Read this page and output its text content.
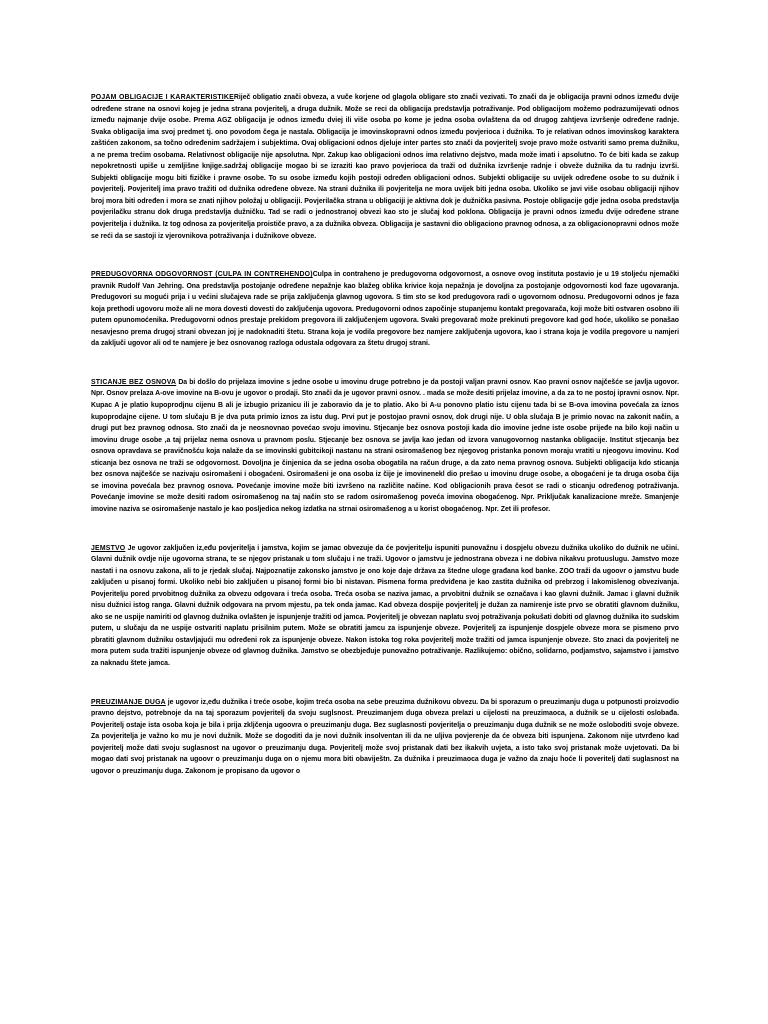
POJAM OBLIGACIJE I KARAKTERISTIKERiječ obligatio znači obveza, a vuče korjene od glagola obligare sto znači vezivati. To znači da je obligacija pravni odnos između dvije određene strane na osnovi kojeg je jedna strana povjeritelj, a druga dužnik. Može se reci da obligacija predstavlja potraživanje. Pod obligacijom možemo podrazumijevati odnos između najmanje dvije osobe. Prema AGZ obligacija je odnos između dviej ili više osoba po kome je jedna osoba ovlaštena da od drugog zahtjeva izvršenje određene radnje. Svaka obligacija ima svoj predmet tj. ono povodom čega je nastala. Obligacija je imovinskopravni odnos između povjerioca i dužnika. To je relativan odnos imovinskog karaktera zaštićen zakonom, sa točno određenim sadržajem i subjektima. Ovaj obligacioni odnos djeluje inter partes sto znači da povjeritelj svoje pravo može ostvariti samo prema dužniku, a ne prema trećim osobama. Relativnost obligacije nije apsolutna. Npr. Zakup kao obligacioni odnos ima relativno dejstvo, mada može imati i apsolutno. To će biti kada se zakup nepokretnosti upiše u zemljišne knjige.sadržaj obligacije mogao bi se izraziti kao pravo povjerioca da traži od dužnika izvršenje radnje i obveže dužnika da tu radnju izvrši. Subjekti obligacije mogu biti fizičke i pravne osobe. To su osobe između kojih postoji određen obligacioni odnos. Subjekti obligacije su uvijek određene osobe to su dužnik i povjeritelj. Povjeritelj ima pravo tražiti od dužnika određene obveze. Na strani dužnika ili povjeritelja ne mora uvijek biti jedna osoba. Ukoliko se javi više osobau obligaciji njihov broj mora biti određen i mora se znati njihov položaj u obligaciji. Povjerilačka strana u obligaciji je aktivna dok je dužnička pasivna. Postoje obligacije gdje jedna osoba predstavlja povjerilačku stranu dok druga predstavlja dužničku. Tad se radi o jednostranoj obvezi kao sto je slučaj kod poklona. Obligacija je pravni odnos između dvije određene strane povjeritelja i dužnika. Iz tog odnosa za povjeritelja proističe pravo, a za dužnika obveza. Obligacija je sastavni dio obligaciono pravnog odnosa, a za obligacionopravni odnos može se reći da se sastoji iz vjerovnikova potraživanja i dužnikove obveze.

PREDUGOVORNA ODGOVORNOST (CULPA IN CONTREHENDO)Culpa in contraheno je predugovorna odgovornost, a osnove ovog instituta postavio je u 19 stoljeću njemački pravnik Rudolf Van Jehring. Ona predstavlja postojanje određene nepažnje kao blažeg oblika krivice koja nepažnja je dovoljna za postojanje odgovornosti kod faze ugovaranja. Predugovori su mogući prija i u većini slučajeva rade se prija zaključenja glavnog ugovora. S tim sto se kod predugovora radi o ugovornom odnosu. Predugovorni odnos je faza koja prethodi ugovoru može ali ne mora dovesti dovesti do zaključenja ugovora. Predugovorni odnos započinje stupanjemu kontakt pregovarača, koji može biti ostvaren osobno ili putem opunomoćenika. Predugovorni odnos prestaje prekidom pregovora ili zaključenjem ugovora. Svaki pregovarač može prekinuti pregovore kad god hoće, ukoliko se ponašao nesavjesno prema drugoj strani obvezan joj je nadoknaditi štetu. Strana koja je vodila pregovore bez namjere zaključenja ugovora, kao i strana koja je vodila pregovore u namjeri da zaključi ugovor ali od te namjere je bez osnovanog razloga odustala odgovara za štetu drugoj strani.

STICANJE BEZ OSNOVA Da bi došlo do prijelaza imovine s jedne osobe u imovinu druge potrebno je da postoji valjan pravni osnov. Kao pravni osnov najčešće se javlja ugovor. Npr. Osnov prelaza A-ove imovine na B-ovu je ugovor o prodaji. Sto znači da je ugovor pravni osnov. . mada se može desiti prijelaz imovine, a da za to ne postoj ipravni osnov. Npr. Kupac A je platio kupoprodjnu cijenu B ali je izbugio prizanicu ili je zaboravio da je to platio. Ako bi A-u ponovno platio istu cijenu tada bi se B-ova imovina povećala za iznos kupoprodajne cijene. U tom slučaju B je dva puta primio iznos za istu dug. Prvi put je postojao pravni osnov, dok drugi nije. U obla slučaja B je primio novac na zakonit način, a drugi put bez pravnog odnosa. Sto znači da je neosnovnao povećao svoju imovinu. Stjecanje bez osnova postoji kada dio imovine jedne iste osobe prijeđe na bilo koji način u imovinu druge osobe ,a taj prijelaz nema osnova u pravnom poslu. Stjecanje bez osnova se javlja kao jedan od izvora vanugovornog nastanka obligacije. Institut stjecanja bez osnova opravdava se pravičnošću koja nalaže da se imovinski gubitcikoji nastanu na strani osiromašenog bez njegovog pristanka ponovn moraju vratiti u njeogovu imovinu. Kod sticanja bez osnova ne traži se odgovornost. Dovoljna je činjenica da se jedna osoba obogatila na račun druge, a da zato nema pravnog osnova. Subjekti obligacija kdo sticanja bez osnova najčešće se nazivaju osiromašeni i obogaćeni. Osiromašeni je ona osoba iz čije je imovinenekl dio prešao u imovinu druge osobe, a obogaćeni je ta druga osoba čija se imovina povećala bez pravnog osnova. Povećanje imovine može biti izvršeno na različite načine. Kod obligacionih prava česot se radi o sticanju određenog potraživanja. Povećanje imovine se može desiti radom osiromašenog na taj način sto se radom osiromašenog poveća imovina obogaćenog. Npr. Priključak kanalizacione mreže. Smanjenje imovine naziva se osiromašenje nastalo je kao posljedica nekog izdatka na strnai osiromašenog a u korist obogaćenog. Npr. Zet ili profesor.

JEMSTVO Je ugovor zaključen iz,eđu povjeritelja i jamstva, kojim se jamac obvezuje da će povjeritelju ispuniti punovažnu i dospjelu obvezu dužnika ukoliko do dužnik ne učini. Glavni dužnik ovdje nije ugovorna strana, te se njegov pristanak u tom slučaju i ne traži. Ugovor o jamstvu je jednostrana obveza i ne dobiva nikakvu protuuslugu. Jamstvo moze nastati i na osnovu zakona, ali to je rjedak slučaj. Najpoznatije zakonsko jamstvo je ono koje daje država za štedne uloge građana kod banke. ZOO traži da ugoovr o jamstvu bude zaključen u pisanoj formi. Ukoliko nebi bio zaključen u pisanoj formi bio bi nistavan. Pismena forma predviđena je kao zastita dužnika od prebrzog i lakomislenog obvezivanja. Povjeritelju pored prvobitnog dužnika za obvezu odgovara i treća osoba. Treća osoba se naziva jamac, a prvobitni dužnik se označava i kao glavni dužnik. Jamac i glavni dužnik nisu dužnici istog ranga. Glavni dužnik odgovara na prvom mjestu, pa tek onda jamac. Kad obveza dospije povjeritelj je dužan za namirenje iste prvo se obratiti glavnom dužniku, ako se ne uspije namiriti od glavnog dužnika ovlašten je ispunjenje tražiti od jamca. Povjeritelj je obvezan naplatu svoj potraživanja pokušati dobiti od glavnog dužnika ito sudskim putem, u slučaju da ne uspije ostvariti naplatu prisilnim putem. Može se obratiti jamcu za ispunjenje obveze. Povjeritelj za ispunjenje dospjele obveze mora se pismeno prvo pbratiti glavnom dužniku ostavljajući mu određeni rok za ispunjenje obveze. Nakon istoka tog roka povjeritelj može tražiti od jamca ispunjenje obveze. Sto znaci da povjeritelj ne mora putem suda tražiti ispunjenje obveze od glavnog dužnika. Jamstvo se obezbjeđuje punovažno potraživanje. Razlikujemo: obično, solidarno, podjamstvo, sajamstvo i jamstvo za naknadu štete jamca.

PREUZIMANJE DUGA je ugovor iz,eđu dužnika i treće osobe, kojim treća osoba na sebe preuzima dužnikovu obvezu. Da bi sporazum o preuzimanju duga u potpunosti proizvodio pravno dejstvo, potrebnoje da na taj sporazum povjeritelj da svoju suglsnost. Preuzimanjem duga obveza prelazi u cijelosti na preuzimaoca, a dužnik se u cijelosti oslobađa. Povjeritelj ostaje ista osoba koja je bila i prija zkljčenja ugoovra o preuzimanju duga. Bez suglasnosti povjeritelja o preuzimanju duga dužnik se ne može osloboditi svoje obveze. Za povjeritelja je važno ko mu je novi dužnik. Može se dogoditi da je novi dužnik insolventan ili da ne uljiva povjerenje da će obveza biti ispunjena. Zakonom nije utvrđeno kad povjeritelj može dati svoju suglasnost na ugovor o preuzimanju duga. Povjeritelj može svoj pristanak dati bez ikakvih uvjeta, a isto tako svoj pristanak može uvjetovati. Da bi mogao dati svoj pristanak na ugoovr o preuzimanju duga on o njemu mora biti obaviještn. Za dužnika i preuzimaoca duga je važno da znaju hoće li poveritelj dati suglasnost na ugovor o preuzimanju duga. Zakonom je propisano da ugovor o
